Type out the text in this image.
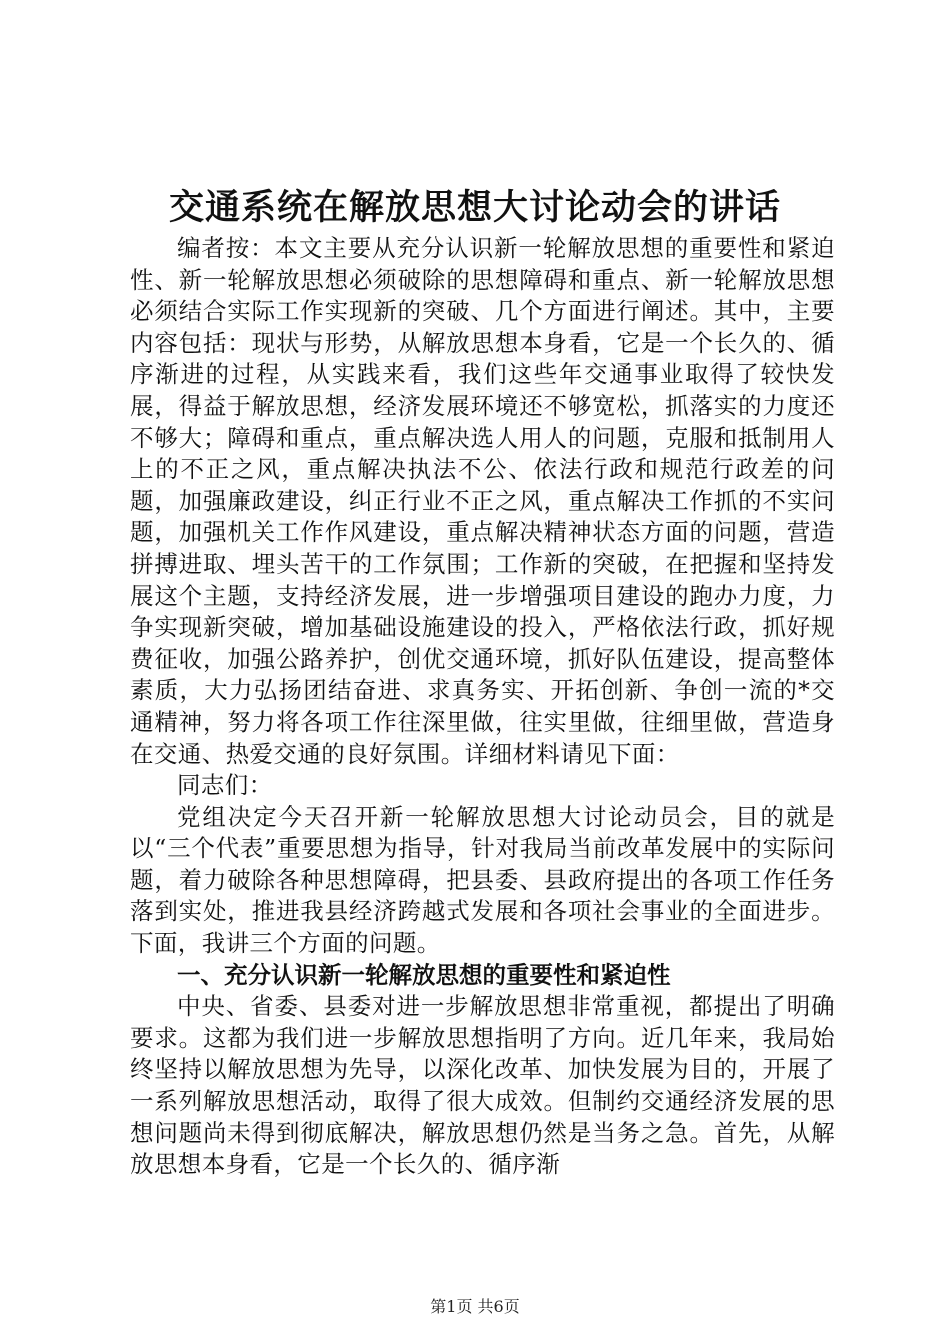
交通系统在解放思想大讨论动会的讲话

编者按：本文主要从充分认识新一轮解放思想的重要性和紧迫性、新一轮解放思想必须破除的思想障碍和重点、新一轮解放思想必须结合实际工作实现新的突破、几个方面进行阐述。其中，主要内容包括：现状与形势，从解放思想本身看，它是一个长久的、循序渐进的过程，从实践来看，我们这些年交通事业取得了较快发展，得益于解放思想，经济发展环境还不够宽松，抓落实的力度还不够大；障碍和重点，重点解决选人用人的问题，克服和抵制用人上的不正之风，重点解决执法不公、依法行政和规范行政差的问题，加强廉政建设，纠正行业不正之风，重点解决工作抓的不实问题，加强机关工作作风建设，重点解决精神状态方面的问题，营造拼搏进取、埋头苦干的工作氛围；工作新的突破，在把握和坚持发展这个主题，支持经济发展，进一步增强项目建设的跑办力度，力争实现新突破，增加基础设施建设的投入，严格依法行政，抓好规费征收，加强公路养护，创优交通环境，抓好队伍建设，提高整体素质，大力弘扬团结奋进、求真务实、开拓创新、争创一流的*交通精神，努力将各项工作往深里做，往实里做，往细里做，营造身在交通、热爱交通的良好氛围。详细材料请见下面：

同志们：

党组决定今天召开新一轮解放思想大讨论动员会，目的就是以“三个代表”重要思想为指导，针对我局当前改革发展中的实际问题，着力破除各种思想障碍，把县委、县政府提出的各项工作任务落到实处，推进我县经济跨越式发展和各项社会事业的全面进步。下面，我讲三个方面的问题。

一、充分认识新一轮解放思想的重要性和紧迫性

中央、省委、县委对进一步解放思想非常重视，都提出了明确要求。这都为我们进一步解放思想指明了方向。近几年来，我局始终坚持以解放思想为先导，以深化改革、加快发展为目的，开展了一系列解放思想活动，取得了很大成效。但制约交通经济发展的思想问题尚未得到彻底解决，解放思想仍然是当务之急。首先，从解放思想本身看，它是一个长久的、循序渐

第1页 共6页
